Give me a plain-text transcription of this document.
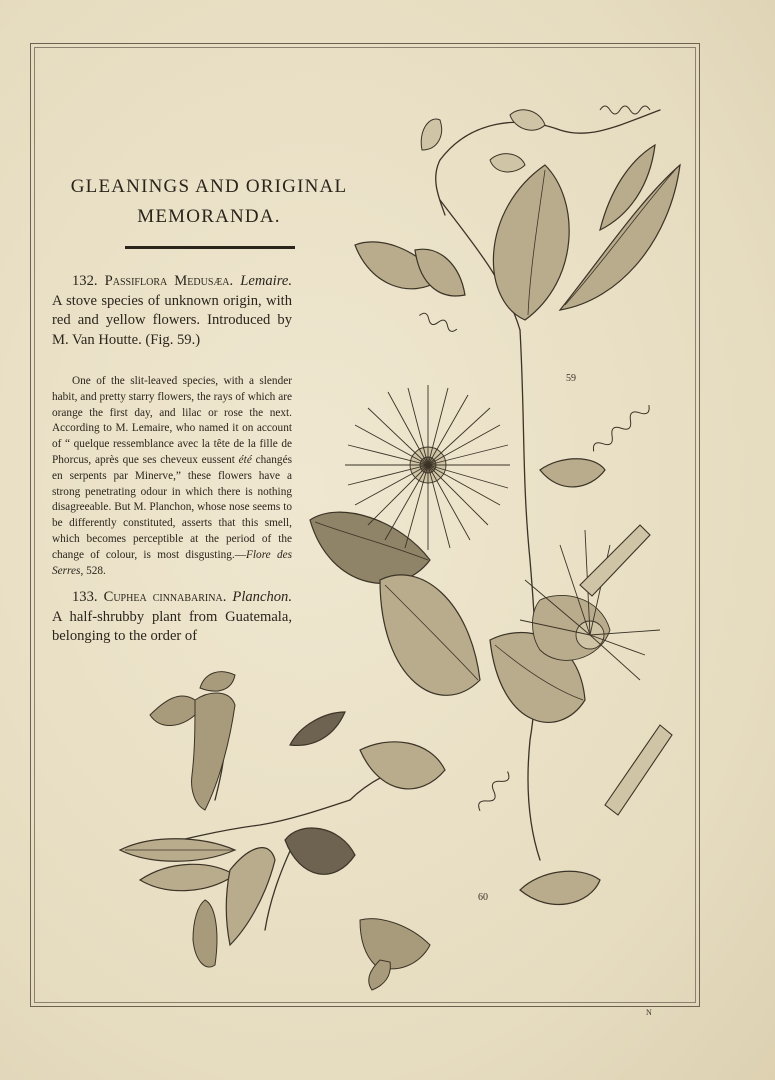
GLEANINGS AND ORIGINAL
MEMORANDA.
132. Passiflora Medusæa. Lemaire. A stove species of unknown origin, with red and yellow flowers. Introduced by M. Van Houtte. (Fig. 59.)
One of the slit-leaved species, with a slender habit, and pretty starry flowers, the rays of which are orange the first day, and lilac or rose the next. According to M. Lemaire, who named it on account of “ quelque ressemblance avec la tête de la fille de Phorcus, après que ses cheveux eussent été changés en serpents par Minerve,” these flowers have a strong penetrating odour in which there is nothing disagreeable. But M. Planchon, whose nose seems to be differently constituted, asserts that this smell, which becomes perceptible at the period of the change of colour, is most disgusting.—Flore des Serres, 528.
133. Cuphea cinnabarina. Planchon. A half-shrubby plant from Guatemala, belonging to the order of
59
60
N
